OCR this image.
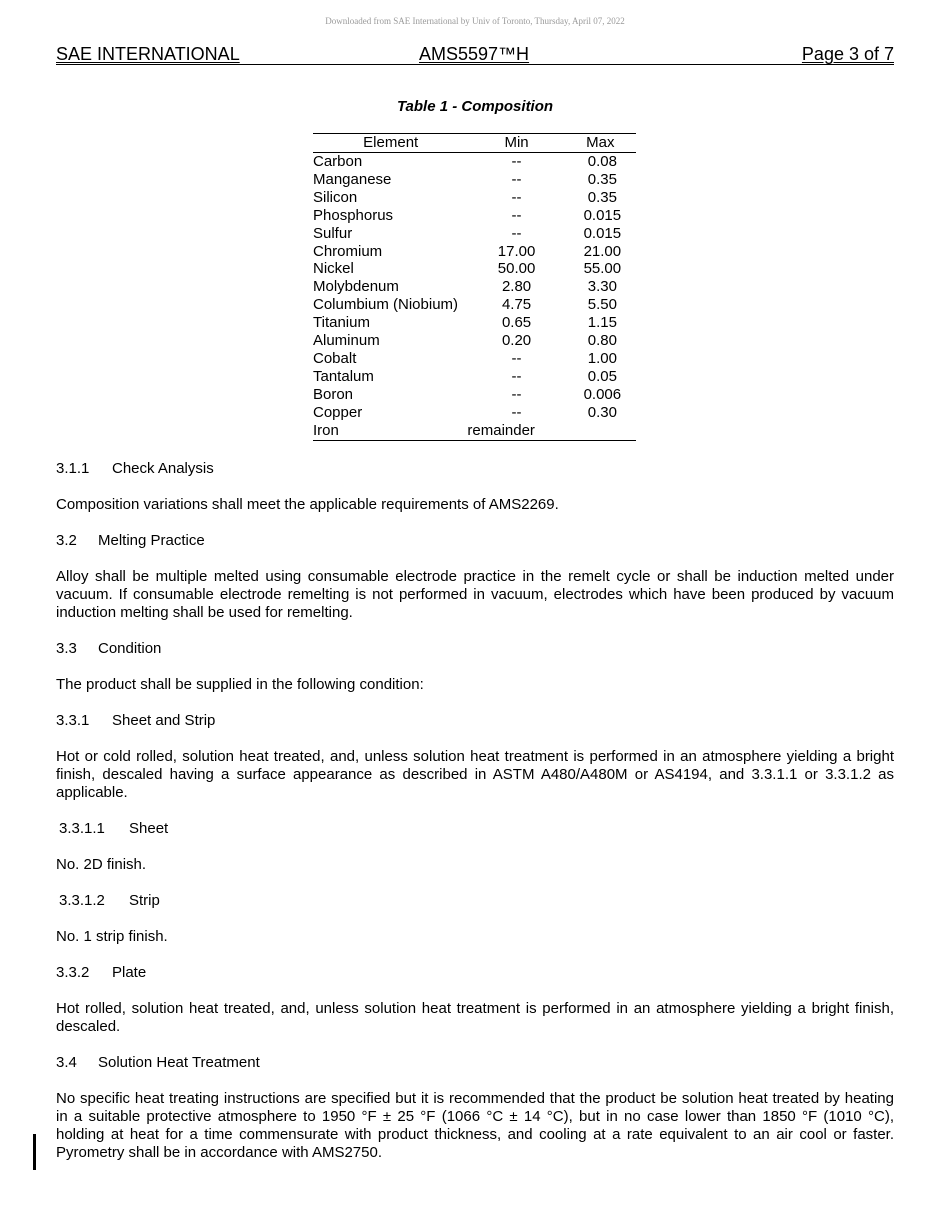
Downloaded from SAE International by Univ of Toronto, Thursday, April 07, 2022
SAE INTERNATIONAL	AMS5597™H	Page 3 of 7
Table 1 - Composition
Element	Min	Max
Carbon	--	0.08
Manganese	--	0.35
Silicon	--	0.35
Phosphorus	--	0.015
Sulfur	--	0.015
Chromium	17.00	21.00
Nickel	50.00	55.00
Molybdenum	2.80	3.30
Columbium (Niobium)	4.75	5.50
Titanium	0.65	1.15
Aluminum	0.20	0.80
Cobalt	--	1.00
Tantalum	--	0.05
Boron	--	0.006
Copper	--	0.30
Iron	remainder	
3.1.1 Check Analysis

Composition variations shall meet the applicable requirements of AMS2269.

3.2 Melting Practice

Alloy shall be multiple melted using consumable electrode practice in the remelt cycle or shall be induction melted under vacuum. If consumable electrode remelting is not performed in vacuum, electrodes which have been produced by vacuum induction melting shall be used for remelting.

3.3 Condition

The product shall be supplied in the following condition:

3.3.1 Sheet and Strip

Hot or cold rolled, solution heat treated, and, unless solution heat treatment is performed in an atmosphere yielding a bright finish, descaled having a surface appearance as described in ASTM A480/A480M or AS4194, and 3.3.1.1 or 3.3.1.2 as applicable.

3.3.1.1 Sheet

No. 2D finish.

3.3.1.2 Strip

No. 1 strip finish.

3.3.2 Plate

Hot rolled, solution heat treated, and, unless solution heat treatment is performed in an atmosphere yielding a bright finish, descaled.

3.4 Solution Heat Treatment

No specific heat treating instructions are specified but it is recommended that the product be solution heat treated by heating in a suitable protective atmosphere to 1950 °F ± 25 °F (1066 °C ± 14 °C), but in no case lower than 1850 °F (1010 °C), holding at heat for a time commensurate with product thickness, and cooling at a rate equivalent to an air cool or faster. Pyrometry shall be in accordance with AMS2750.
